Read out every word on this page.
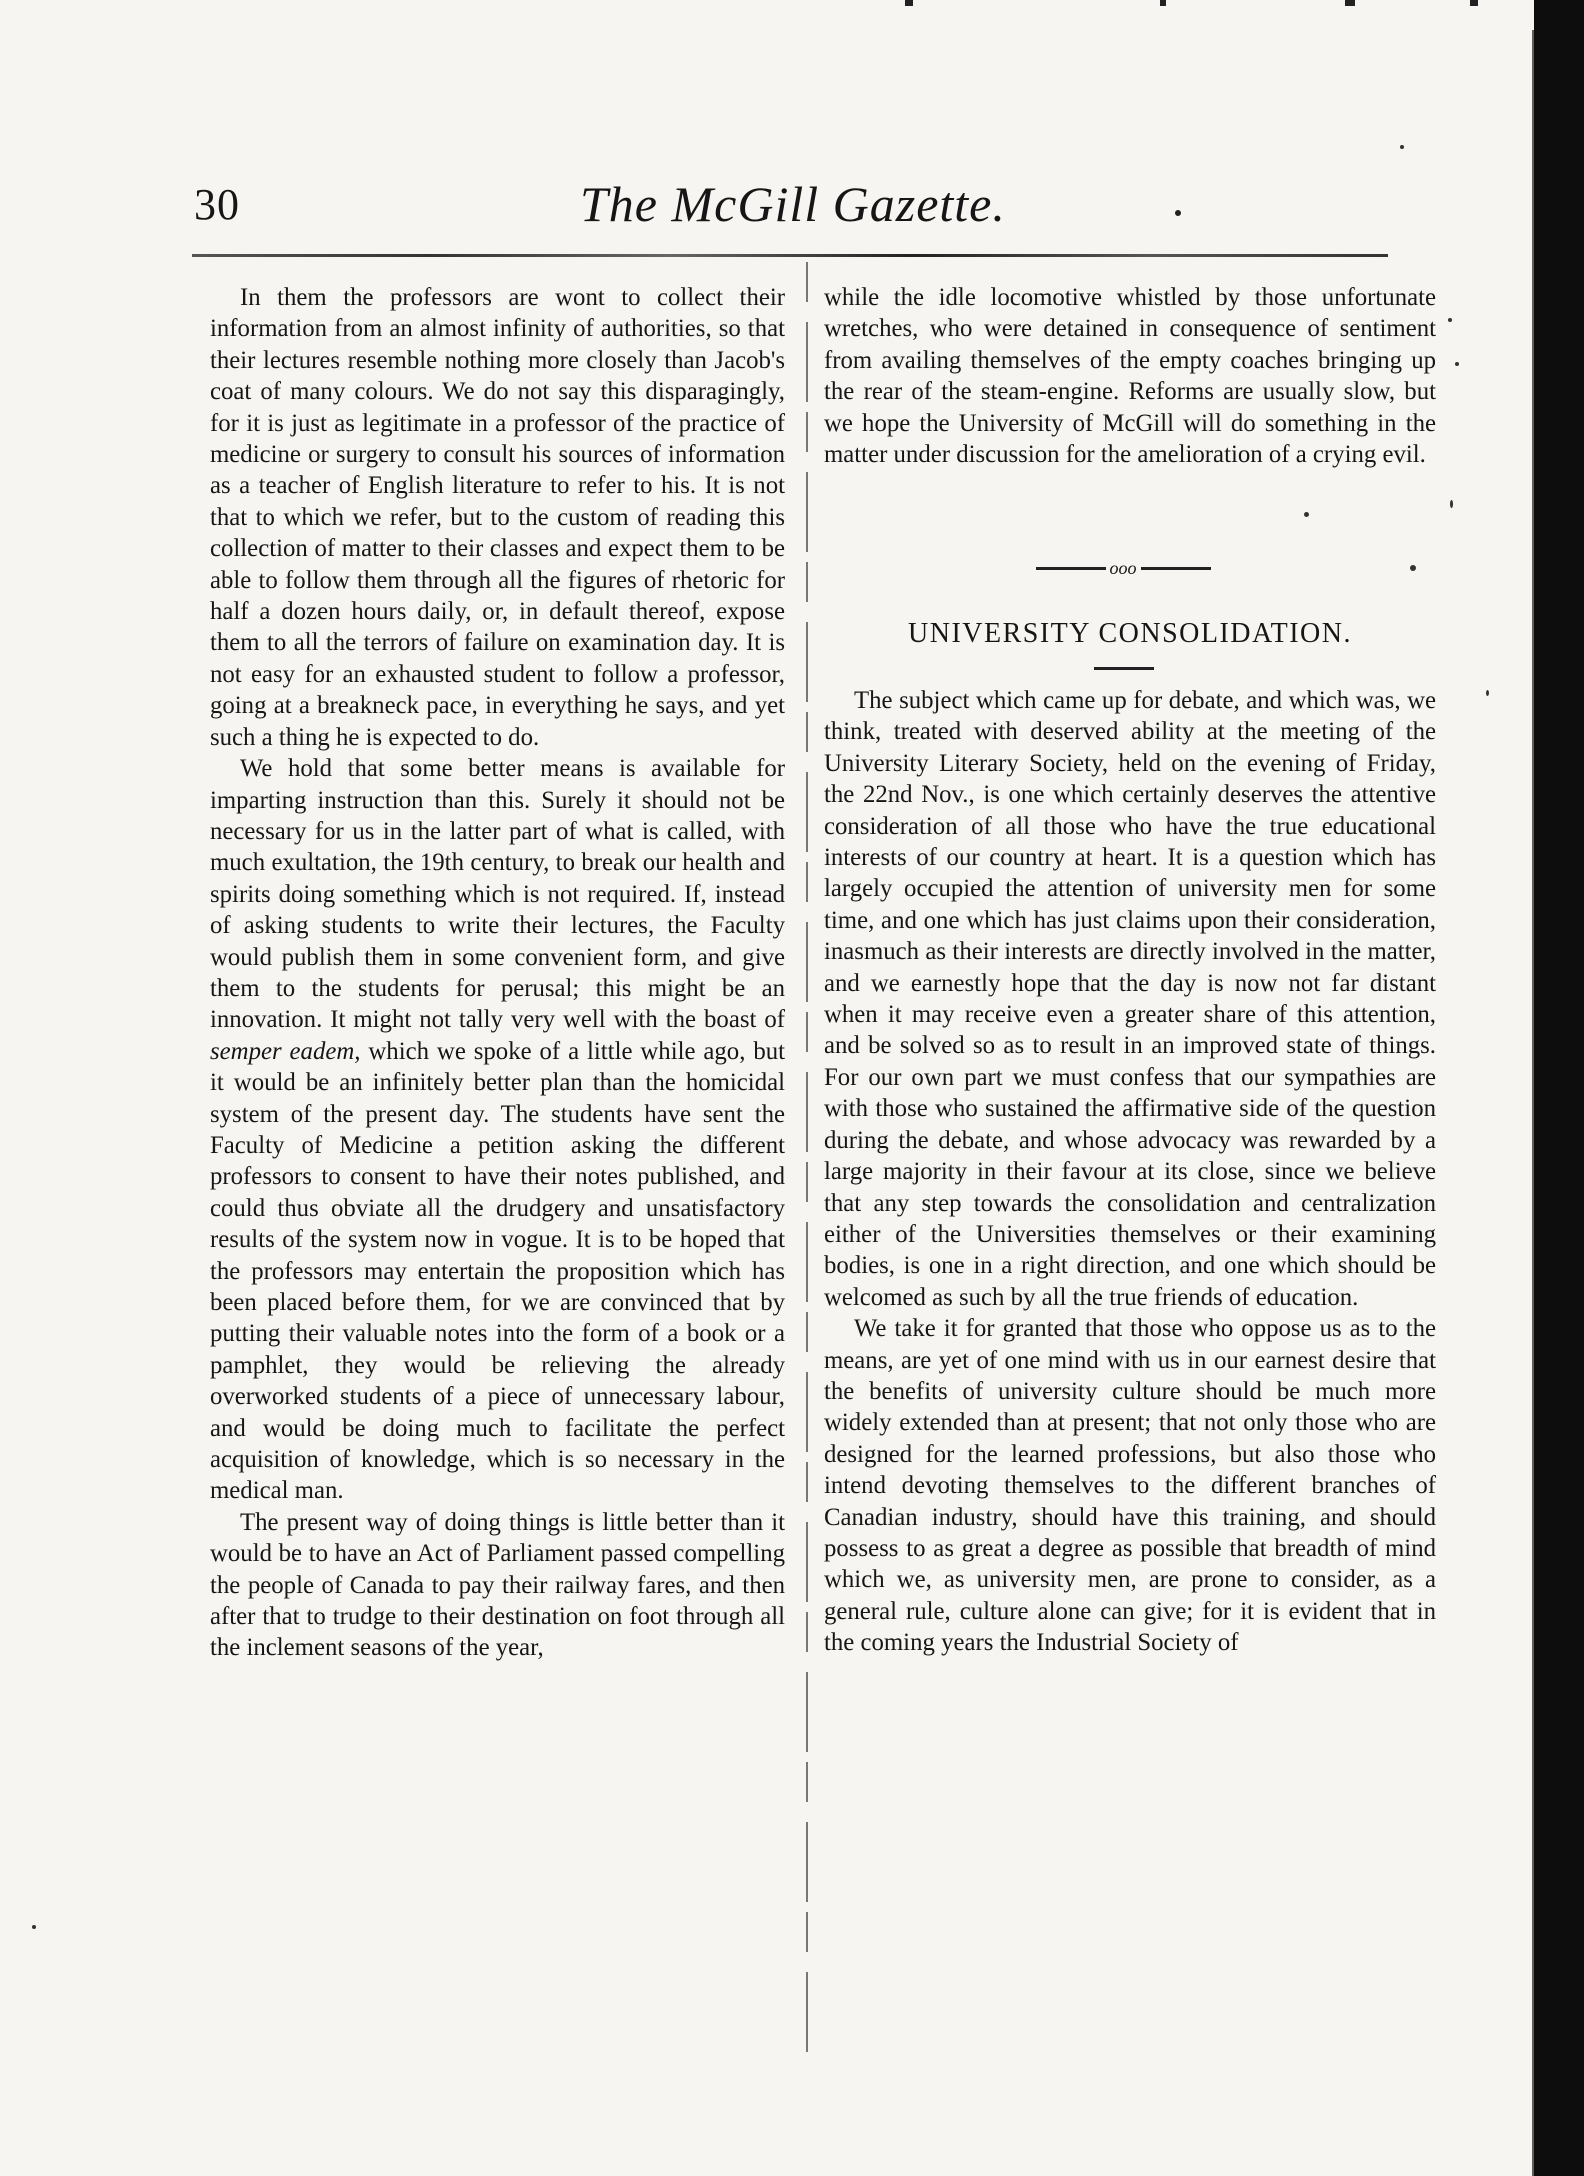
30	The McGill Gazette.

In them the professors are wont to collect their information from an almost infinity of authorities, so that their lectures resemble nothing more closely than Jacob's coat of many colours. We do not say this disparagingly, for it is just as legitimate in a professor of the practice of medicine or surgery to consult his sources of information as a teacher of English literature to refer to his. It is not that to which we refer, but to the custom of reading this collection of matter to their classes and expect them to be able to follow them through all the figures of rhetoric for half a dozen hours daily, or, in default thereof, expose them to all the terrors of failure on examination day. It is not easy for an exhausted student to follow a professor, going at a breakneck pace, in everything he says, and yet such a thing he is expected to do.

We hold that some better means is available for imparting instruction than this. Surely it should not be necessary for us in the latter part of what is called, with much exultation, the 19th century, to break our health and spirits doing something which is not required. If, instead of asking students to write their lectures, the Faculty would publish them in some convenient form, and give them to the students for perusal; this might be an innovation. It might not tally very well with the boast of semper eadem, which we spoke of a little while ago, but it would be an infinitely better plan than the homicidal system of the present day. The students have sent the Faculty of Medicine a petition asking the different professors to consent to have their notes published, and could thus obviate all the drudgery and unsatisfactory results of the system now in vogue. It is to be hoped that the professors may entertain the proposition which has been placed before them, for we are convinced that by putting their valuable notes into the form of a book or a pamphlet, they would be relieving the already overworked students of a piece of unnecessary labour, and would be doing much to facilitate the perfect acquisition of knowledge, which is so necessary in the medical man.

The present way of doing things is little better than it would be to have an Act of Parliament passed compelling the people of Canada to pay their railway fares, and then after that to trudge to their destination on foot through all the inclement seasons of the year,

while the idle locomotive whistled by those unfortunate wretches, who were detained in consequence of sentiment from availing themselves of the empty coaches bringing up the rear of the steam-engine. Reforms are usually slow, but we hope the University of McGill will do something in the matter under discussion for the amelioration of a crying evil.

ooo
UNIVERSITY CONSOLIDATION.

The subject which came up for debate, and which was, we think, treated with deserved ability at the meeting of the University Literary Society, held on the evening of Friday, the 22nd Nov., is one which certainly deserves the attentive consideration of all those who have the true educational interests of our country at heart. It is a question which has largely occupied the attention of university men for some time, and one which has just claims upon their consideration, inasmuch as their interests are directly involved in the matter, and we earnestly hope that the day is now not far distant when it may receive even a greater share of this attention, and be solved so as to result in an improved state of things. For our own part we must confess that our sympathies are with those who sustained the affirmative side of the question during the debate, and whose advocacy was rewarded by a large majority in their favour at its close, since we believe that any step towards the consolidation and centralization either of the Universities themselves or their examining bodies, is one in a right direction, and one which should be welcomed as such by all the true friends of education.

We take it for granted that those who oppose us as to the means, are yet of one mind with us in our earnest desire that the benefits of university culture should be much more widely extended than at present; that not only those who are designed for the learned professions, but also those who intend devoting themselves to the different branches of Canadian industry, should have this training, and should possess to as great a degree as possible that breadth of mind which we, as university men, are prone to consider, as a general rule, culture alone can give; for it is evident that in the coming years the Industrial Society of
